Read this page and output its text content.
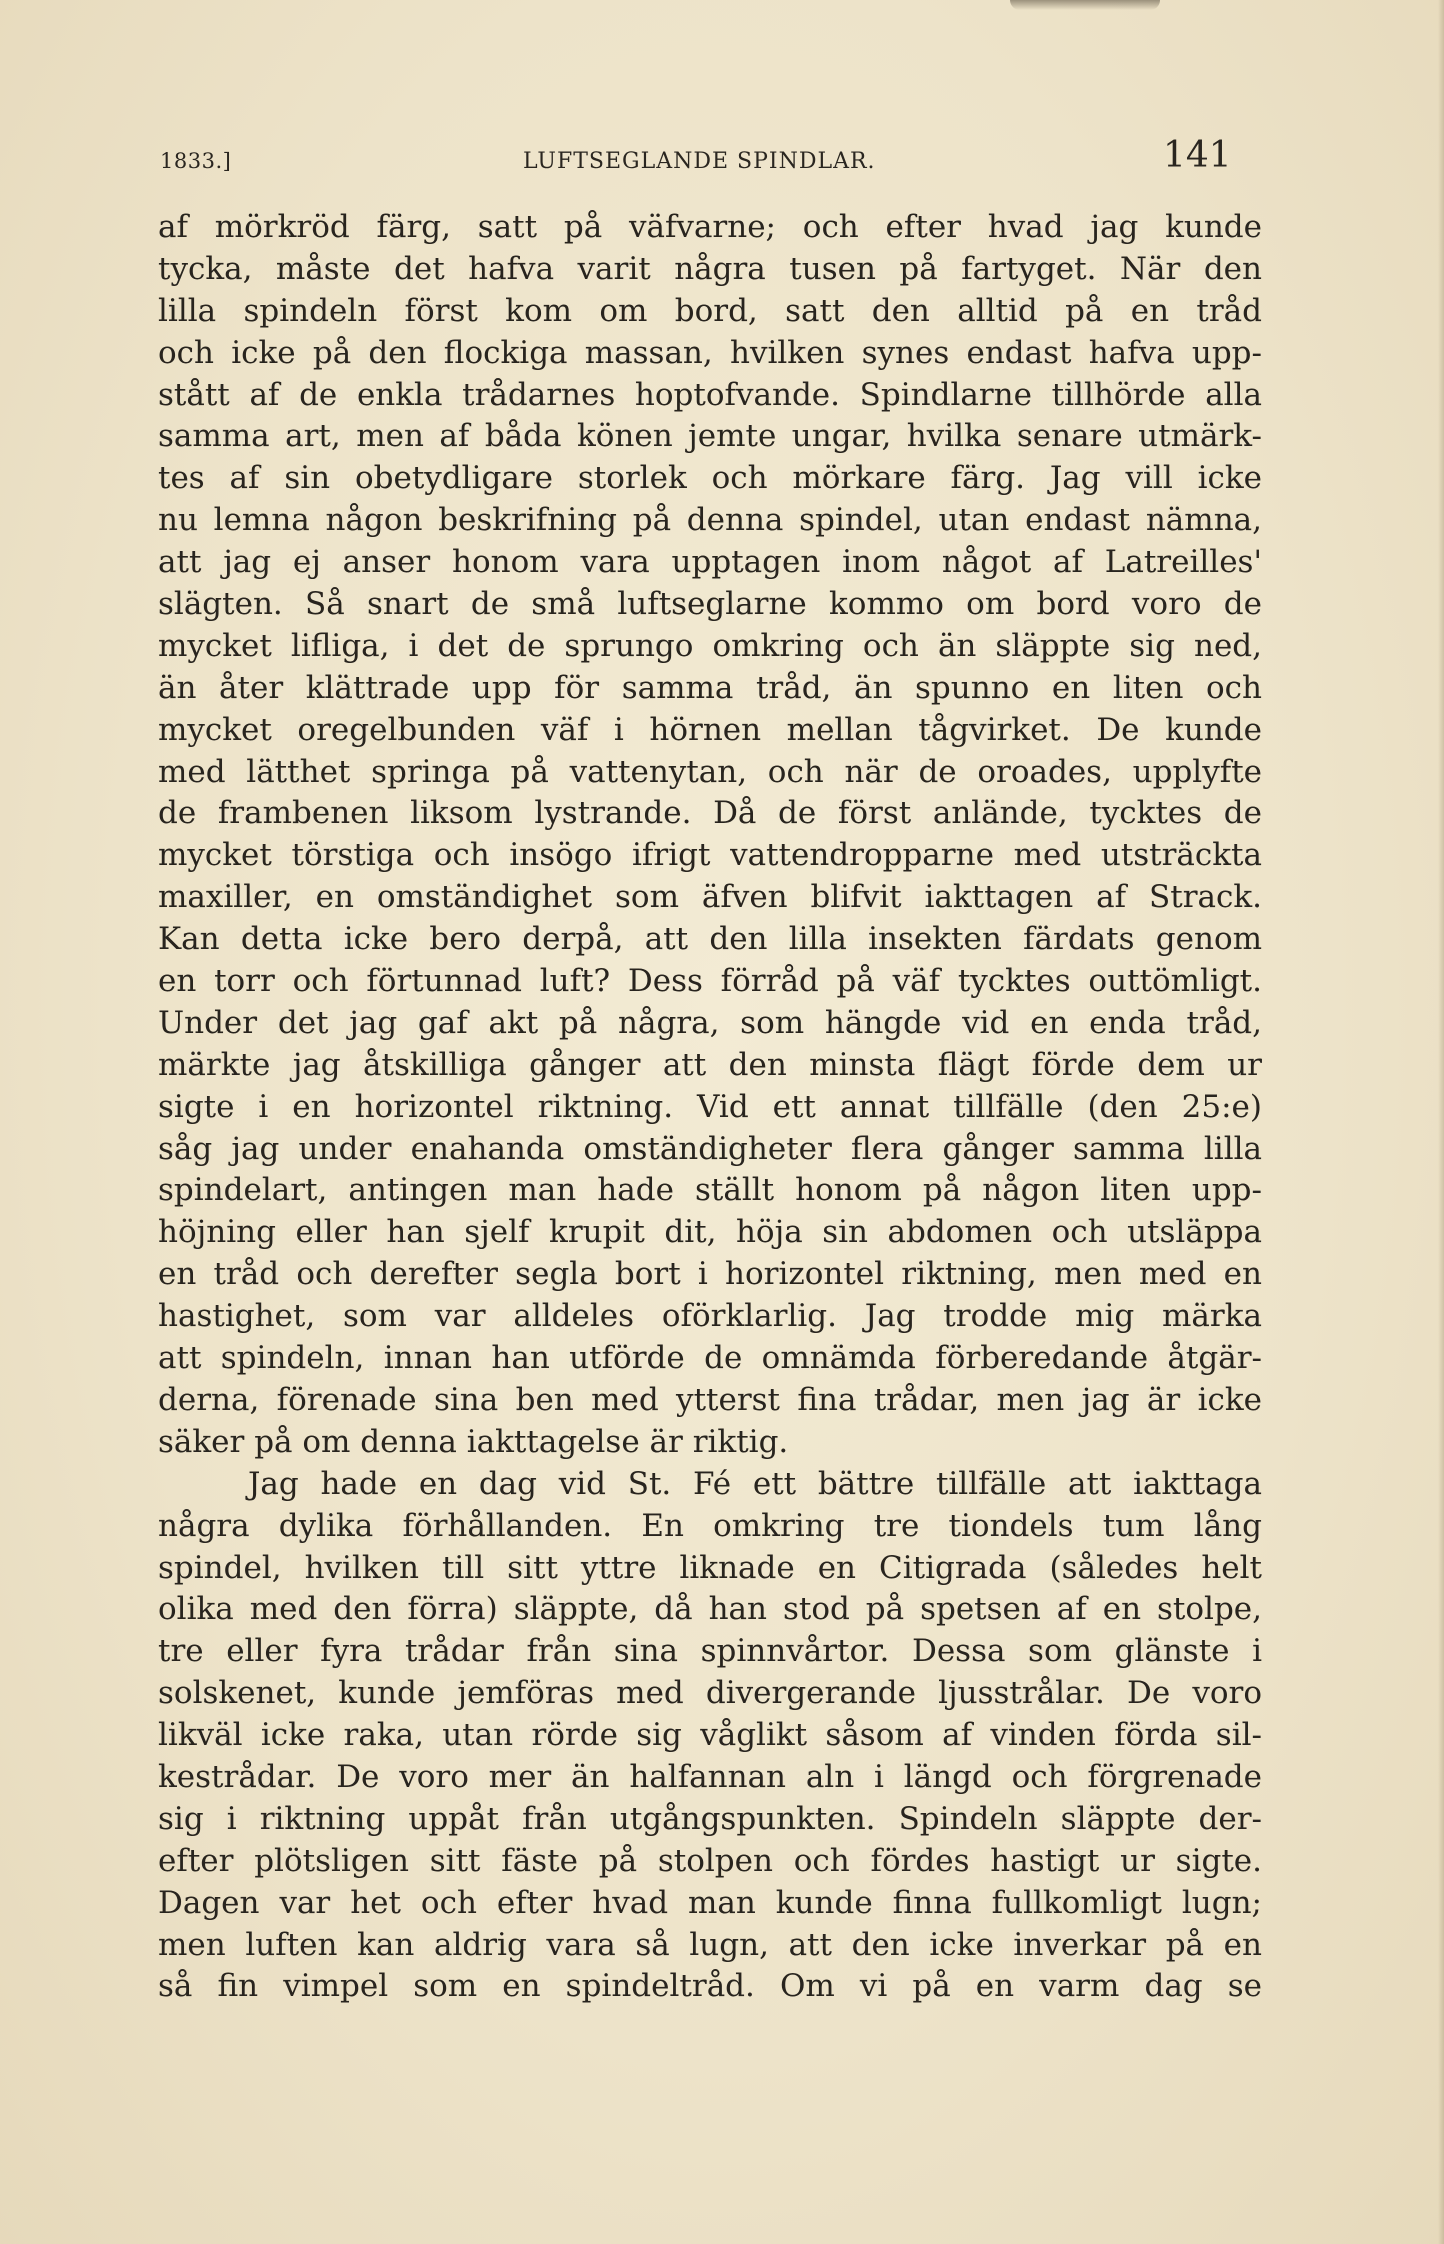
1833.]	LUFTSEGLANDE SPINDLAR.	141
af mörkröd färg, satt på väfvarne; och efter hvad jag kunde
tycka, måste det hafva varit några tusen på fartyget. När den
lilla spindeln först kom om bord, satt den alltid på en tråd
och icke på den flockiga massan, hvilken synes endast hafva upp-
stått af de enkla trådarnes hoptofvande. Spindlarne tillhörde alla
samma art, men af båda könen jemte ungar, hvilka senare utmärk-
tes af sin obetydligare storlek och mörkare färg. Jag vill icke
nu lemna någon beskrifning på denna spindel, utan endast nämna,
att jag ej anser honom vara upptagen inom något af Latreilles'
slägten. Så snart de små luftseglarne kommo om bord voro de
mycket lifliga, i det de sprungo omkring och än släppte sig ned,
än åter klättrade upp för samma tråd, än spunno en liten och
mycket oregelbunden väf i hörnen mellan tågvirket. De kunde
med lätthet springa på vattenytan, och när de oroades, upplyfte
de frambenen liksom lystrande. Då de först anlände, tycktes de
mycket törstiga och insögo ifrigt vattendropparne med utsträckta
maxiller, en omständighet som äfven blifvit iakttagen af Strack.
Kan detta icke bero derpå, att den lilla insekten färdats genom
en torr och förtunnad luft? Dess förråd på väf tycktes outtömligt.
Under det jag gaf akt på några, som hängde vid en enda tråd,
märkte jag åtskilliga gånger att den minsta flägt förde dem ur
sigte i en horizontel riktning. Vid ett annat tillfälle (den 25:e)
såg jag under enahanda omständigheter flera gånger samma lilla
spindelart, antingen man hade ställt honom på någon liten upp-
höjning eller han sjelf krupit dit, höja sin abdomen och utsläppa
en tråd och derefter segla bort i horizontel riktning, men med en
hastighet, som var alldeles oförklarlig. Jag trodde mig märka
att spindeln, innan han utförde de omnämda förberedande åtgär-
derna, förenade sina ben med ytterst fina trådar, men jag är icke
säker på om denna iakttagelse är riktig.
Jag hade en dag vid St. Fé ett bättre tillfälle att iakttaga
några dylika förhållanden. En omkring tre tiondels tum lång
spindel, hvilken till sitt yttre liknade en Citigrada (således helt
olika med den förra) släppte, då han stod på spetsen af en stolpe,
tre eller fyra trådar från sina spinnvårtor. Dessa som glänste i
solskenet, kunde jemföras med divergerande ljusstrålar. De voro
likväl icke raka, utan rörde sig våglikt såsom af vinden förda sil-
kestrådar. De voro mer än halfannan aln i längd och förgrenade
sig i riktning uppåt från utgångspunkten. Spindeln släppte der-
efter plötsligen sitt fäste på stolpen och fördes hastigt ur sigte.
Dagen var het och efter hvad man kunde finna fullkomligt lugn;
men luften kan aldrig vara så lugn, att den icke inverkar på en
så fin vimpel som en spindeltråd. Om vi på en varm dag se
